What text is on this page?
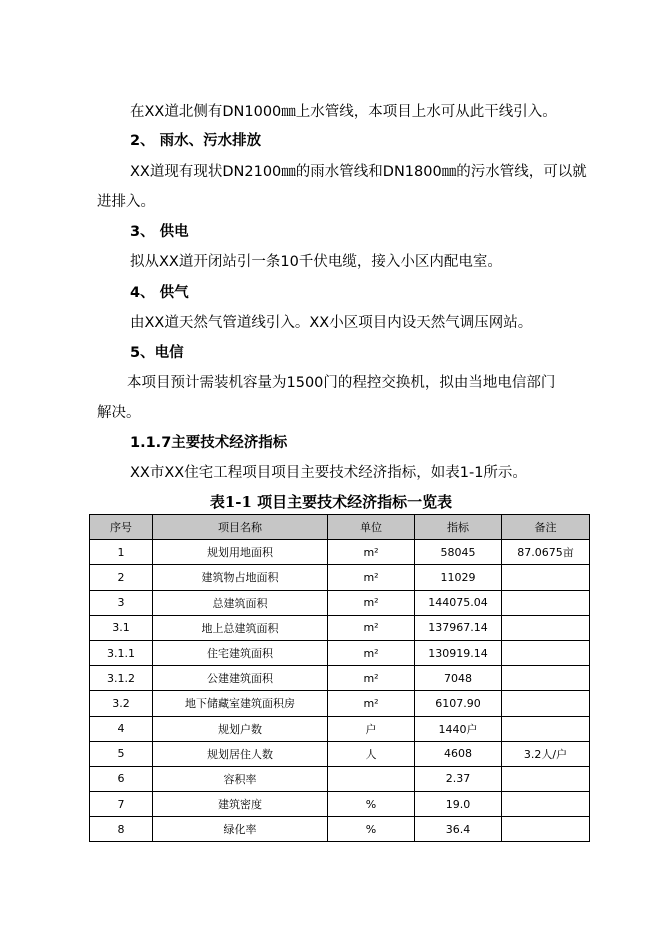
在XX道北侧有DN1000㎜上水管线，本项目上水可从此干线引入。
2、 雨水、污水排放
XX道现有现状DN2100㎜的雨水管线和DN1800㎜的污水管线，可以就
进排入。
3、 供电
拟从XX道开闭站引一条10千伏电缆，接入小区内配电室。
4、 供气
由XX道天然气管道线引入。XX小区项目内设天然气调压网站。
5、电信
本项目预计需装机容量为1500门的程控交换机，拟由当地电信部门
解决。
1.1.7主要技术经济指标
XX市XX住宅工程项目项目主要技术经济指标，如表1-1所示。
表1-1 项目主要技术经济指标一览表
序号	项目名称	单位	指标	备注
1	规划用地面积	m²	58045	87.0675亩
2	建筑物占地面积	m²	11029	
3	总建筑面积	m²	144075.04	
3.1	地上总建筑面积	m²	137967.14	
3.1.1	住宅建筑面积	m²	130919.14	
3.1.2	公建建筑面积	m²	7048	
3.2	地下储藏室建筑面积房	m²	6107.90	
4	规划户数	户	1440户	
5	规划居住人数	人	4608	3.2人/户
6	容积率		2.37	
7	建筑密度	%	19.0	
8	绿化率	%	36.4	
